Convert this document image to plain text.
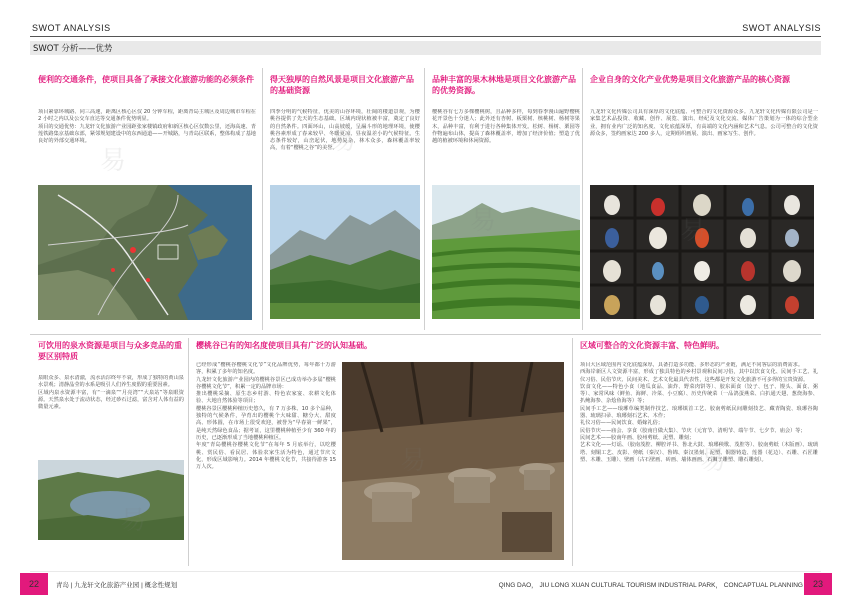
SWOT ANALYSIS	SWOT ANALYSIS
SWOT 分析——优势
便利的交通条件，使项目具备了承接文化旅游功能的必须条件
项目紧靠环城路、同三高速，距离区核心区仅 20 分钟车程，距离青岛主城区及周边城市车程在 2 小时之内以及公交车直达等交通条件优势明显。
项目的交通优势：九龙轩文化旅游产业园距张家楼镇政府和新区核心区仅数公里，还海高速、青莲铁路集京基础东部，紧邻规划建设中的东西通道——开城路，与青岛区联系，整体构成了基地良好的外部交通环境。
得天独厚的自然风景是项目文化旅游产品的基础资源
四季分明的气候特征，优美的山谷环境，壮阔的楼道景观，为樱桃谷提供了先天的生态基础。区域内现状植被丰富，奠定了良好的自然条件。四面环山，山高坡缓，呈漏斗形的地理环境，使樱桃谷素形成了春来较早、冬暖夏凉、昼夜温差小的气候特征。生态条件较好，山峦起伏，地势复杂，林木众多，森林覆盖率较高，有着“樱桃之谷”的美誉。
品种丰富的果木林地是项目文化旅游产品的优势资源。
樱桃谷有七万多棵樱桃树，且品种多样，每到春季漫山遍野樱桃花开景色十分迷人；此外还有杏树、板栗树、核桃树、杨树等果木，品种丰富，有利于进行各种集体开发。松树、杨树、栗园等作物遍布山体，提高了森林覆盖率，增加了经济价值；塑造了优越的植被环境和休闲资源。
企业自身的文化产业优势是项目文化旅游产品的核心资源
九龙轩文化传媒公司具有深厚的文化底蕴、可整合的文化资源众多。九龙轩文化传媒有限公司是一家集艺术品投资、收藏、创作、展览、演出、经纪及文化交流、媒体广告策划为一体的综合型企业，拥有业内广泛的知名度、文化底蕴深厚，有高端的文化内涵和艺术气息。公司可整合的文化资源众多，签约画家达 200 多人，定期组织画展、演出、画家写生、创作。
可饮用的泉水资源是项目与众多竞品的重要区别特质
泉眼众多、泉水清澈，流水活淙终年不衰，形成了独特的黄山泉水景观；清静晶莹的水系是吸引人们养生度假的重要因素。
区域内泉水资源丰富，有“一滴泉”“月亮湾”“大泉站”等泉眼资源。天然泉水处于流动状态，经过砂石过滤，富含对人体有益的微量元素。
樱桃谷已有的知名度使项目具有广泛的认知基础。
已经形成“樱桃谷樱桃文化节”文化品牌优势，每年都十万游客，积累了多年的知名度。
九龙轩文化旅游产业园内的樱桃谷景区已成功举办多届“樱桃谷樱桃文化节”，积累一定的品牌市场：
推出樱桃采摘、原生态乡村游、特色农家宴、农耕文化体验、大地自然体验等项目；
樱桃谷景区樱桃种植历史悠久，有 7 万多株、10 多个品种，独特的气候条件，孕育出的樱桃个大味甜、糖分大、甜度高、形体圆，在市场上很受欢迎，被誉为“早春第一鲜果”，是纯天然绿色食品；据考证，这里樱桃种植至少有 360 年的历史，已逐渐形成了当地樱桃种植区。
年度“青岛樱桃谷樱桃文化节”在每年 5 月底举行，以吃樱桃、赏民俗、看民居、体验农家生活为特色，通过节庆文化，形成区域影响力。2014 年樱桃文化节，共接待游客 15 万人次。
区域可整合的文化资源丰富、特色鲜明。
项目大区域范围内文化底蕴深厚，具备打造多功能、多形态的产业链，满足不同客层的消费需求。
西海岸新区人文资源丰富，形成了独具特色的乡村景观和民间习俗，其中以饮食文化、民间手工艺、礼仪习俗、民俗节庆、民间美术、艺术文化最具代表性，这些都是开发文化旅游不可多得的宝贵资源。
饮食文化——特色小食（地瓜食品、油炸、野菜肉饼等）、胶东面食（饺子、包子、馒头、面食、粥等）、家常风味（鲜鱼、海鲜、冷菜、小豆腐）、历史传统菜（一品鸽蛋燕菜、白扒通天翅、葱烧海参、扒鲍海参、杂烩鱼海等）等；
民间手工艺——琅琊草编类制作技艺、琅琊镇首工艺、胶南剪纸民间雕刻技艺、藏青陶瓷、琅琊谷陶器、琉璃扫帚、琅琊刻石艺术、木作；
礼仪习俗——民间饮食、婚嫁礼俗；
民俗节庆——庙会、享食（胶南自做大集）、节庆（元宵节、清明节、端午节、七夕节、庙会）等；
民间艺术——胶南年画、胶州剪纸、泥塑、雕刻；
艺术文化——灯谣、（胶南茂腔、柳腔评书、鲁北大鼓、琅琊秧歌、茂腔等）、胶南剪纸（木版画）、琉璃塔、刻铜工艺、皮影、剪纸（秦汉）、鲁锦、秦汉墨刻、泥塑、铜器铸造、莲器（花边）、石雕、石匠雕塑、木雕、玉雕）、壁画（古石壁画、砖画、墙体画画、石狮子雕塑、雕石雕刻）。
易
易
易	易
易
易	易
22	青岛 | 九龙轩文化旅游产业园 | 概念性规划	QING DAO， JIU LONG XUAN CULTURAL TOURISM INDUSTRIAL PARK， CONCAPTUAL PLANNING	23
